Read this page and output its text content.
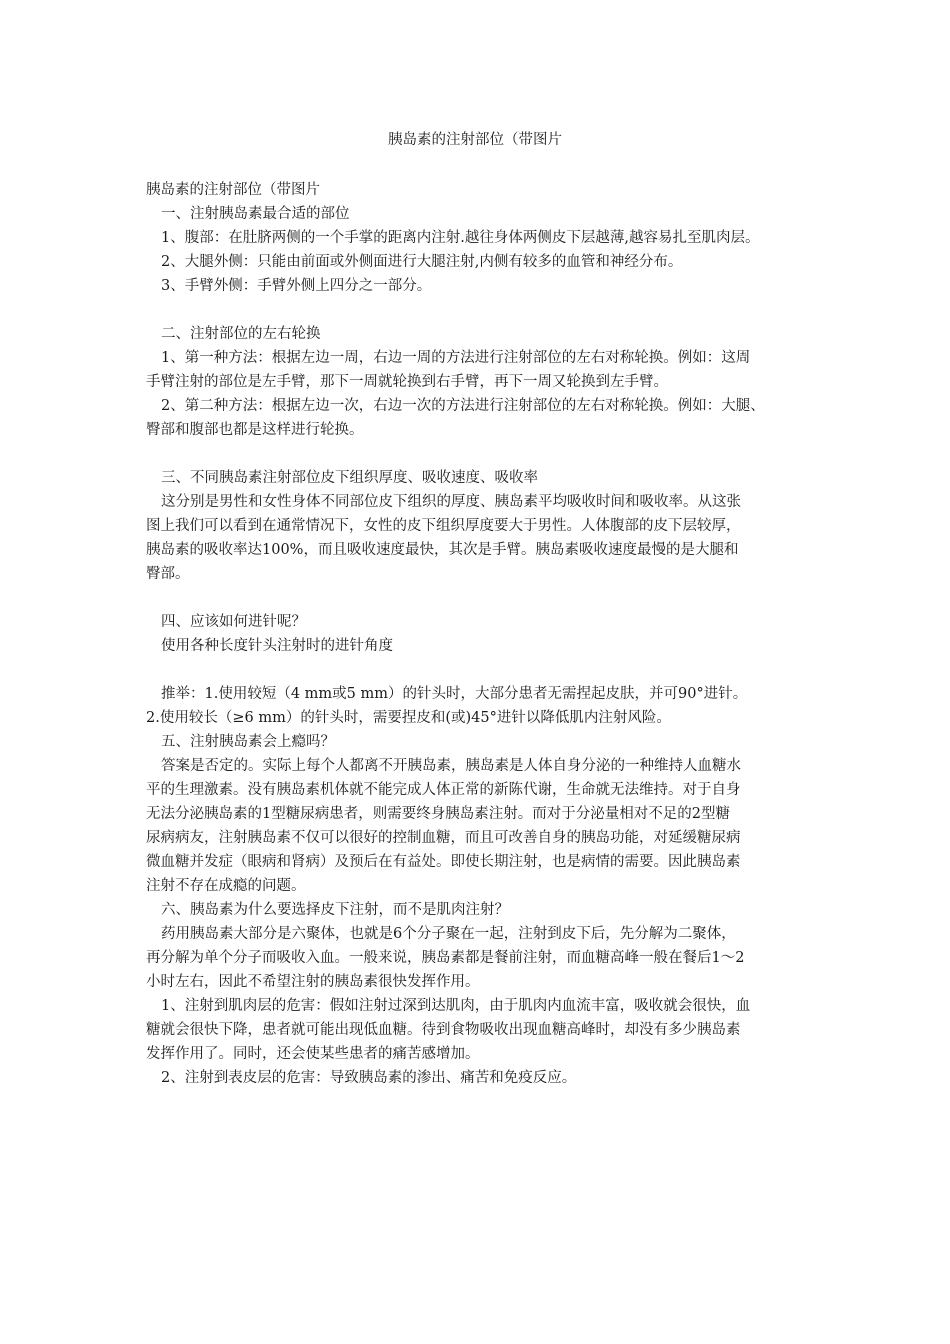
胰岛素的注射部位（带图片
胰岛素的注射部位（带图片
一、注射胰岛素最合适的部位
1、腹部：在肚脐两侧的一个手掌的距离内注射.越往身体两侧皮下层越薄,越容易扎至肌肉层。
2、大腿外侧：只能由前面或外侧面进行大腿注射,内侧有较多的血管和神经分布。
3、手臂外侧：手臂外侧上四分之一部分。
二、注射部位的左右轮换
1、第一种方法：根据左边一周，右边一周的方法进行注射部位的左右对称轮换。例如：这周
手臂注射的部位是左手臂，那下一周就轮换到右手臂，再下一周又轮换到左手臂。
2、第二种方法：根据左边一次，右边一次的方法进行注射部位的左右对称轮换。例如：大腿、
臀部和腹部也都是这样进行轮换。
三、不同胰岛素注射部位皮下组织厚度、吸收速度、吸收率
这分别是男性和女性身体不同部位皮下组织的厚度、胰岛素平均吸收时间和吸收率。从这张
图上我们可以看到在通常情况下，女性的皮下组织厚度要大于男性。人体腹部的皮下层较厚，
胰岛素的吸收率达100%，而且吸收速度最快，其次是手臂。胰岛素吸收速度最慢的是大腿和
臀部。
四、应该如何进针呢？
使用各种长度针头注射时的进针角度
推举：1.使用较短（4 mm或5 mm）的针头时，大部分患者无需捏起皮肤，并可90°进针。
2.使用较长（≥6 mm）的针头时，需要捏皮和(或)45°进针以降低肌内注射风险。
五、注射胰岛素会上瘾吗？
答案是否定的。实际上每个人都离不开胰岛素，胰岛素是人体自身分泌的一种维持人血糖水
平的生理激素。没有胰岛素机体就不能完成人体正常的新陈代谢，生命就无法维持。对于自身
无法分泌胰岛素的1型糖尿病患者，则需要终身胰岛素注射。而对于分泌量相对不足的2型糖
尿病病友，注射胰岛素不仅可以很好的控制血糖，而且可改善自身的胰岛功能，对延缓糖尿病
微血糖并发症（眼病和肾病）及预后在有益处。即使长期注射，也是病情的需要。因此胰岛素
注射不存在成瘾的问题。
六、胰岛素为什么要选择皮下注射，而不是肌肉注射？
药用胰岛素大部分是六聚体，也就是6个分子聚在一起，注射到皮下后，先分解为二聚体，
再分解为单个分子而吸收入血。一般来说，胰岛素都是餐前注射，而血糖高峰一般在餐后1～2
小时左右，因此不希望注射的胰岛素很快发挥作用。
1、注射到肌肉层的危害：假如注射过深到达肌肉，由于肌肉内血流丰富，吸收就会很快，血
糖就会很快下降，患者就可能出现低血糖。待到食物吸收出现血糖高峰时，却没有多少胰岛素
发挥作用了。同时，还会使某些患者的痛苦感增加。
2、注射到表皮层的危害：导致胰岛素的渗出、痛苦和免疫反应。
